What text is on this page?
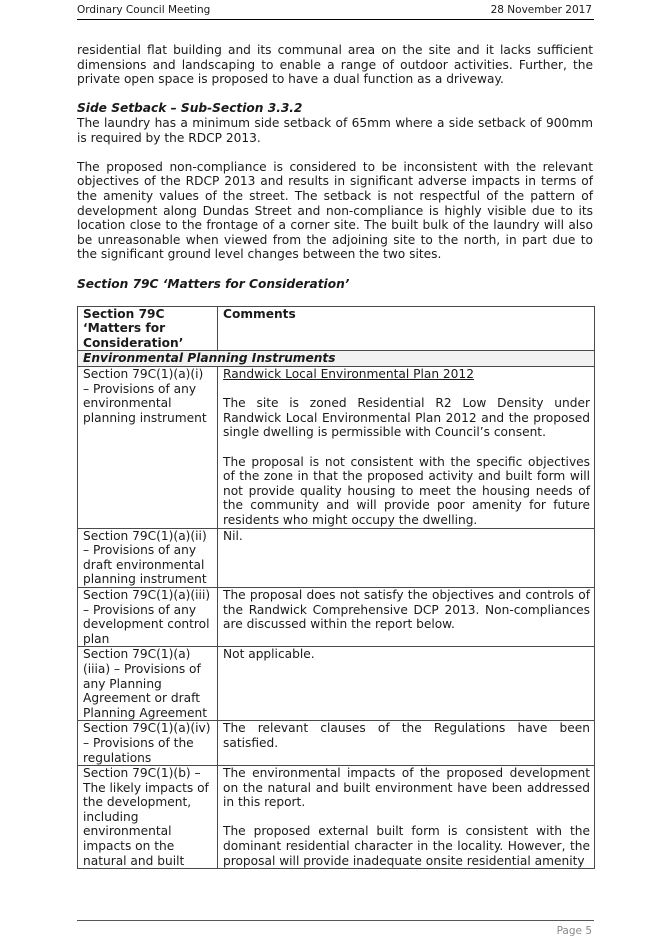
Ordinary Council Meeting	28 November 2017

residential flat building and its communal area on the site and it lacks sufficient dimensions and landscaping to enable a range of outdoor activities. Further, the private open space is proposed to have a dual function as a driveway.

Side Setback – Sub-Section 3.3.2

The laundry has a minimum side setback of 65mm where a side setback of 900mm is required by the RDCP 2013.

The proposed non-compliance is considered to be inconsistent with the relevant objectives of the RDCP 2013 and results in significant adverse impacts in terms of the amenity values of the street. The setback is not respectful of the pattern of development along Dundas Street and non-compliance is highly visible due to its location close to the frontage of a corner site. The built bulk of the laundry will also be unreasonable when viewed from the adjoining site to the north, in part due to the significant ground level changes between the two sites.

Section 79C ‘Matters for Consideration’

Section 79C ‘Matters for Consideration’	Comments
Environmental Planning Instruments	
Section 79C(1)(a)(i) – Provisions of any environmental planning instrument	Randwick Local Environmental Plan 2012
The site is zoned Residential R2 Low Density under Randwick Local Environmental Plan 2012 and the proposed single dwelling is permissible with Council’s consent.
The proposal is not consistent with the specific objectives of the zone in that the proposed activity and built form will not provide quality housing to meet the housing needs of the community and will provide poor amenity for future residents who might occupy the dwelling.

Section 79C(1)(a)(ii) – Provisions of any draft environmental planning instrument	Nil.
Section 79C(1)(a)(iii) – Provisions of any development control plan	The proposal does not satisfy the objectives and controls of the Randwick Comprehensive DCP 2013. Non-compliances are discussed within the report below.
Section 79C(1)(a)(iiia) – Provisions of any Planning Agreement or draft Planning Agreement	Not applicable.
Section 79C(1)(a)(iv) – Provisions of the regulations	The relevant clauses of the Regulations have been satisfied.
Section 79C(1)(b) – The likely impacts of the development, including environmental impacts on the natural and built	The environmental impacts of the proposed development on the natural and built environment have been addressed in this report.
The proposed external built form is consistent with the dominant residential character in the locality. However, the proposal will provide inadequate onsite residential amenity
Page 5
